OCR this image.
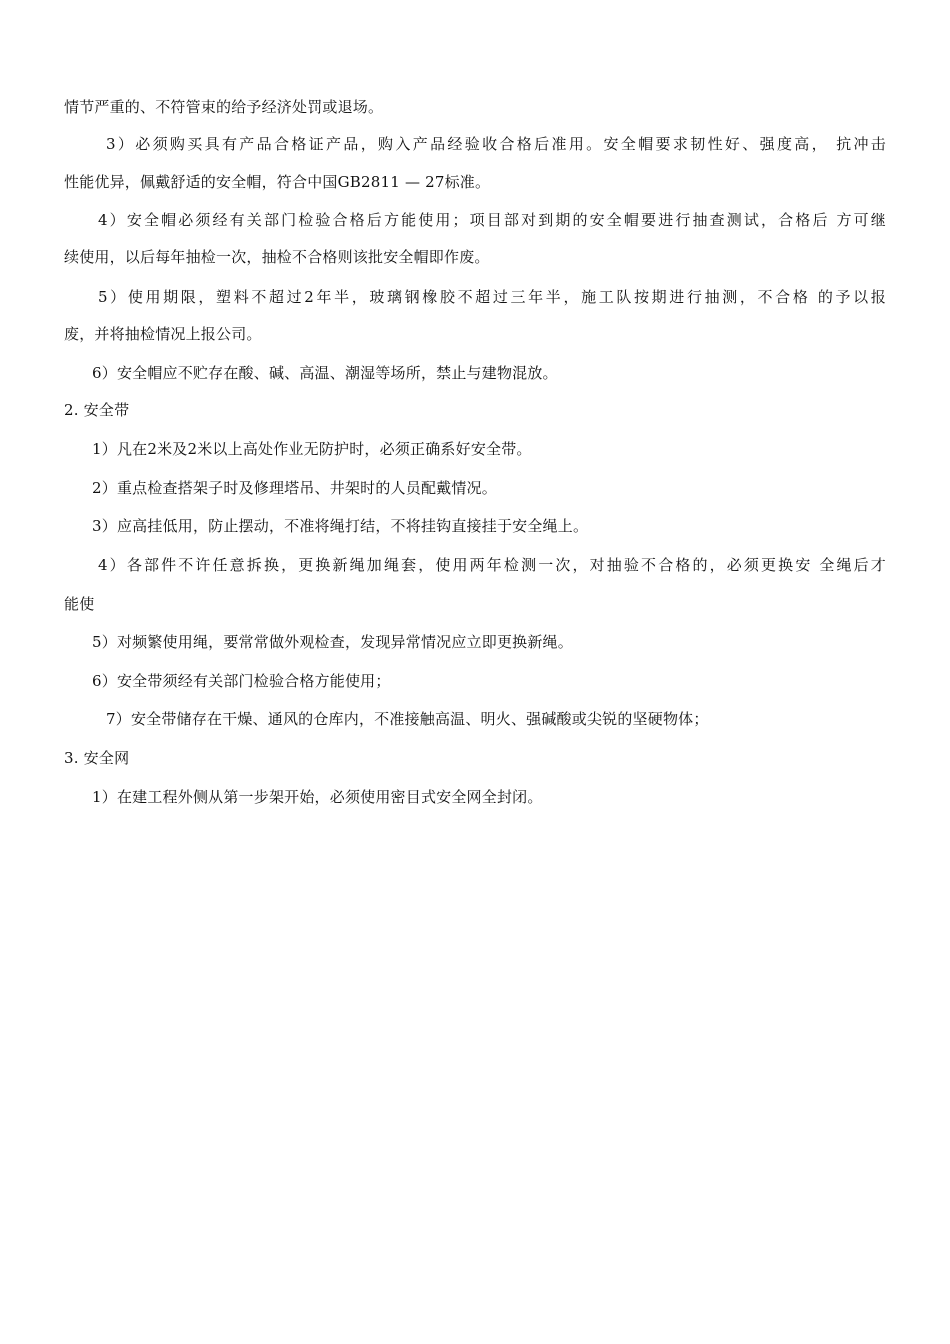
情节严重的、不符管束的给予经济处罚或退场。
3）必须购买具有产品合格证产品，购入产品经验收合格后准用。安全帽要求韧性好、强度高， 抗冲击
性能优异，佩戴舒适的安全帽，符合中国GB2811 — 27标准。
4）安全帽必须经有关部门检验合格后方能使用；项目部对到期的安全帽要进行抽查测试，合格后 方可继
续使用，以后每年抽检一次，抽检不合格则该批安全帽即作废。
5）使用期限，塑料不超过2年半，玻璃钢橡胶不超过三年半，施工队按期进行抽测，不合格 的予以报
废，并将抽检情况上报公司。
6）安全帽应不贮存在酸、碱、高温、潮湿等场所，禁止与建物混放。
2. 安全带
1）凡在2米及2米以上高处作业无防护时，必须正确系好安全带。
2）重点检查搭架子时及修理塔吊、井架时的人员配戴情况。
3）应高挂低用，防止摆动，不准将绳打结，不将挂钩直接挂于安全绳上。
4）各部件不许任意拆换，更换新绳加绳套，使用两年检测一次，对抽验不合格的，必须更换安 全绳后才
能使
5）对频繁使用绳，要常常做外观检查，发现异常情况应立即更换新绳。
6）安全带须经有关部门检验合格方能使用；
7）安全带储存在干燥、通风的仓库内，不准接触高温、明火、强碱酸或尖锐的坚硬物体；
3. 安全网
1）在建工程外侧从第一步架开始，必须使用密目式安全网全封闭。
